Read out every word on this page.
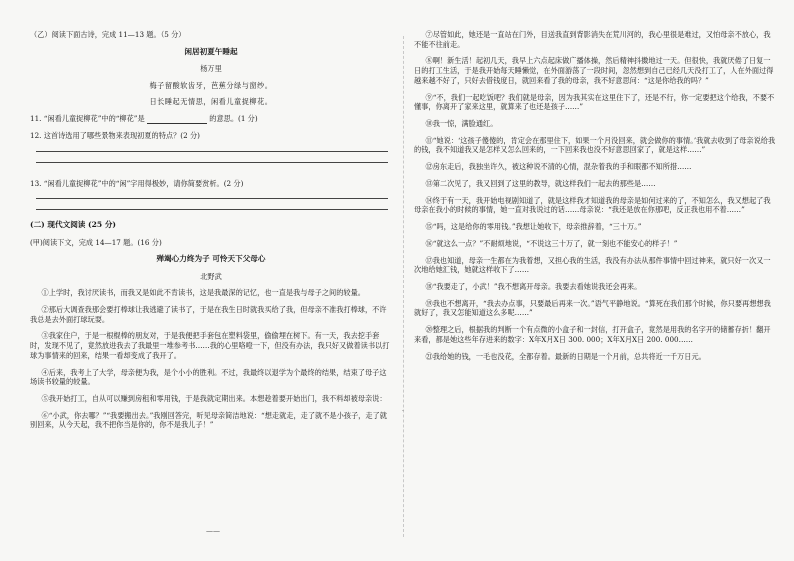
（乙）阅读下面古诗，完成 11—13 题。（5 分）

闲居初夏午睡起

杨万里

梅子留酸软齿牙，芭蕉分绿与窗纱。

日长睡起无情思，闲看儿童捉柳花。

11. “闲看儿童捉柳花”中的“柳花”是	的意思。(1 分)

12. 这首诗选用了哪些景物来表现初夏的特点？(2 分)

13. “闲看儿童捉柳花”中的“闲”字用得极妙，请你简要赏析。(2 分)

(二) 现代文阅读 (25 分)

(甲)阅读下文，完成 14—17 题。(16 分)

殚竭心力终为子 可怜天下父母心

北野武

①上学时，我讨厌读书，而我又是如此不肯读书，这是我最深的记忆，也一直是我与母子之间的较量。

②那后大调查我那会要打棒球让我逃避了读书了，于是在我生日时就我买给了我，但母亲不准我打棒球，不许我总是去外面打球玩耍。

③我家住户，于是一根棍棒的朋友对，于是我便把手套包在塑料袋里，偷偷埋在树下。有一天，我去挖手套时，发现不见了，竟然放进我去了我最里一堆参考书……我的心里咯噔一下，但没有办法，我只好又做着读书以打球为事情来的回来，结果一看却变成了我开了。

④后来，我考上了大学，母亲便为我，是个小小的胜利。不过，我最终以退学为个最终的结果，结束了母子这场读书较量的较量。

⑤我开始打工，自从可以赚到房租和零用钱，于是我就定期出来。本想趁着要开始出门，我不料却被母亲说：

⑥“小武，你去哪？”“我要搬出去。”我刚回答完，听见母亲简洁地说：“想走就走，走了就不是小孩子，走了就别回来，从今天起，我不把你当是你的，你不是我儿子！”

·

⑦尽管如此，她还是一直站在门外，目送我直到背影消失在荒川河的，我心里很是难过，又怕母亲不放心，我不能不往前走。

⑧啊！新生活！起初几天，我早上六点起床做广播体操，然后精神抖擞地过一天。但很快，我就厌倦了日复一日的打工生活，于是我开始每天睡懒觉，在外面游荡了一段时间，忽然想到自己已经几天没打工了，人在外面过得越来越不好了，只好去借钱度日，就回来看了我的母亲，我不好意思问：“这是你给我的吗？”

⑨“不，我们一起吃饭吧？我们就是母亲，因为我其实在这里住下了，还是不行，你一定要把这个给我，不要不懂事，你离开了家来这里，就算来了也还是孩子……”

⑩我一惊，满脸通红。

⑪“她说：‘这孩子傻傻的，肯定会在那里住下，如果一个月没回来，就会做你的事情。’我就去收到了母亲说给我的钱，我不知道我又是怎样又怎么回来的，一下回来我也没不好意思回家了，就是这样……”

⑫房东走后，我独坐许久，被这种说不清的心情，混杂着我的手和眼都不知所措……

⑬第二次见了，我又回到了这里的教导，就这样我们一起去的那些是……

⑭终于有一天，我开始电视剧知道了，就是这样我才知道我的母亲是如何过来的了，不知怎么，我又想起了我母亲在我小的时候的事情，她一直对我说过的话……母亲说：“我还是放在你那吧，反正我也用不着……”

⑮“吗，这是给你的零用钱。”我想让她收下，母亲推辞着，“三十万。”

⑯“就这么一点？”不耐烦地说，“不说这三十万了，就一刻也不能安心的样子！”

⑰我也知道，母亲一生都在为我着想，又担心我的生活，我没有办法从那件事情中回过神来，就只好一次又一次地给她汇钱，她就这样收下了……

⑱“我要走了，小武！”我不想离开母亲。我要去看她说我还会再来。

⑲我也不想离开，“我去办点事，只要最后再来一次。”语气平静地说。“算死在我们那个时候，你只要再想想我就好了，我又怎能知道这么多呢……”

⑳整理之后，根据我的判断一个有点微的小盒子和一封信，打开盒子，竟然是用我的名字开的储蓄存折！翻开来看，都是她这些年存进来的数字：X年X月X日 300. 000；X年X月X日 200. 000……

㉑我给她的钱，一毛也没花，全都存着。最新的日期是一个月前，总共将近一千万日元。

——
